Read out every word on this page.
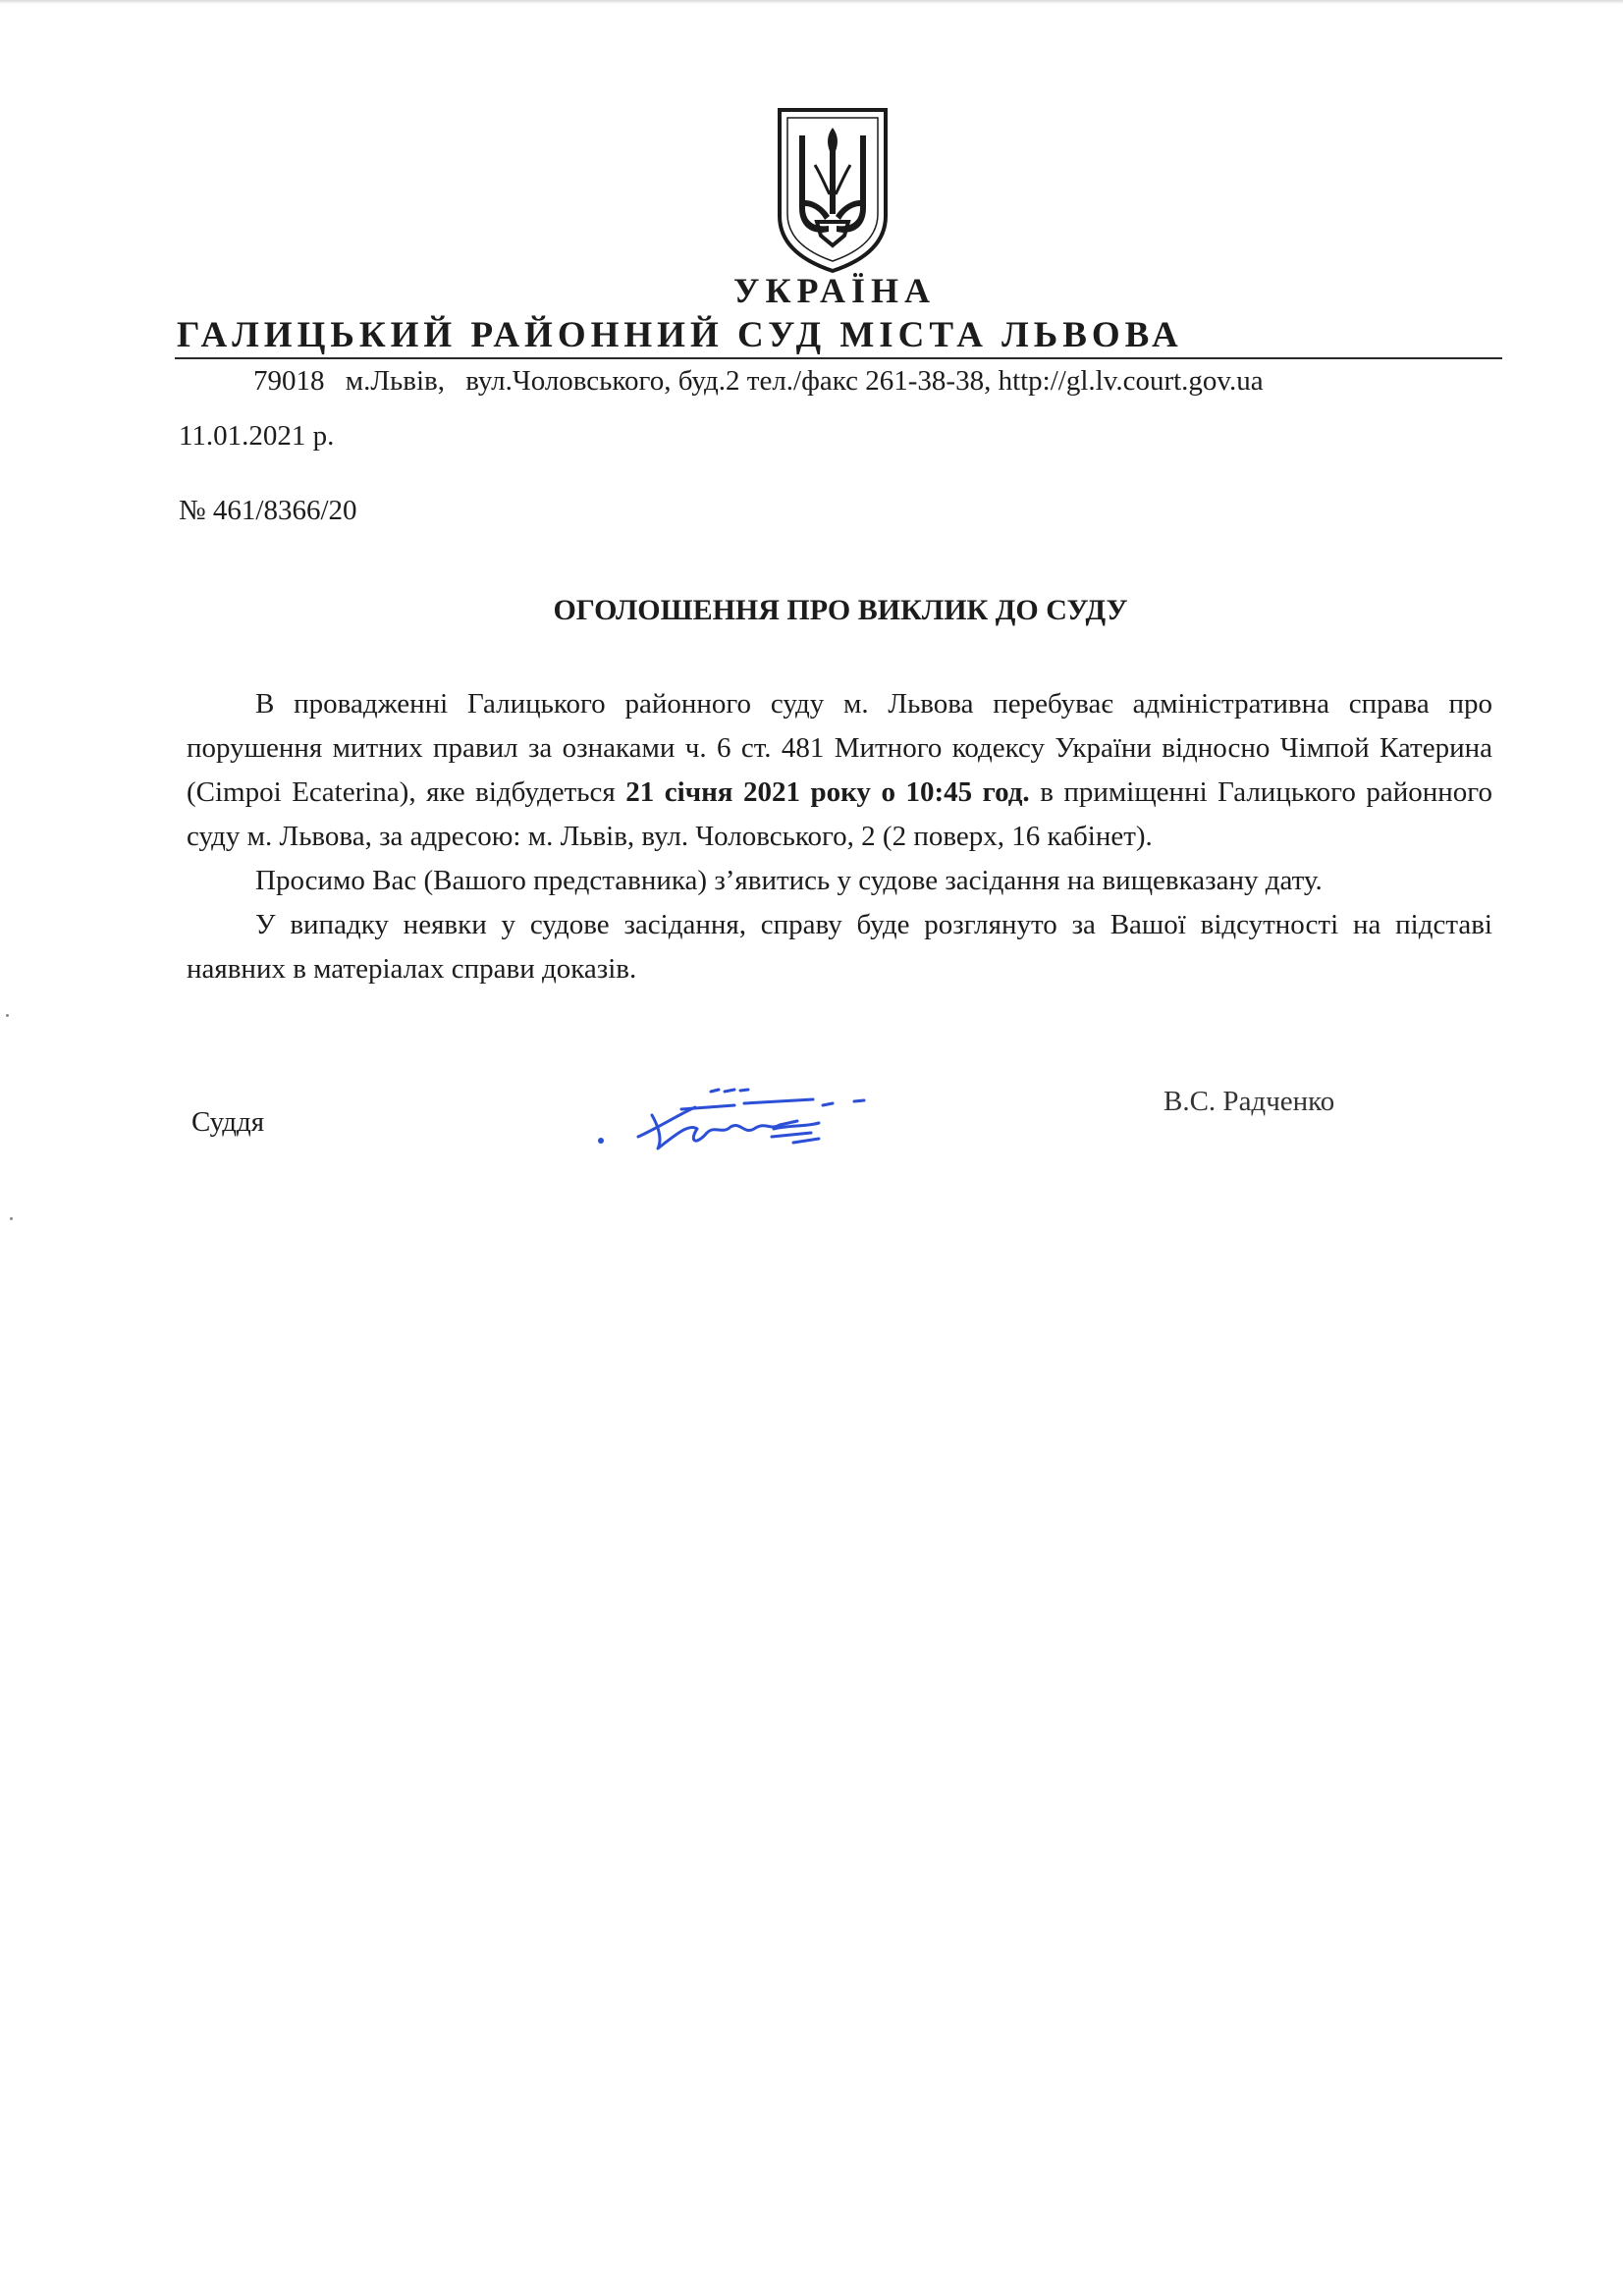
УКРАЇНА
ГАЛИЦЬКИЙ РАЙОННИЙ СУД МІСТА ЛЬВОВА
79018 м.Львів, вул.Чоловського, буд.2 тел./факс 261-38-38, http://gl.lv.court.gov.ua
11.01.2021 р.
№ 461/8366/20
ОГОЛОШЕННЯ ПРО ВИКЛИК ДО СУДУ

В провадженні Галицького районного суду м. Львова перебуває адміністративна справа про порушення митних правил за ознаками ч. 6 ст. 481 Митного кодексу України відносно Чімпой Катерина (Cimpoi Ecaterina), яке відбудеться 21 січня 2021 року о 10:45 год. в приміщенні Галицького районного суду м. Львова, за адресою: м. Львів, вул. Чоловського, 2 (2 поверх, 16 кабінет).

Просимо Вас (Вашого представника) з’явитись у судове засідання на вищевказану дату.

У випадку неявки у судове засідання, справу буде розглянуто за Вашої відсутності на підставі наявних в матеріалах справи доказів.

Суддя
В.С. Радченко
